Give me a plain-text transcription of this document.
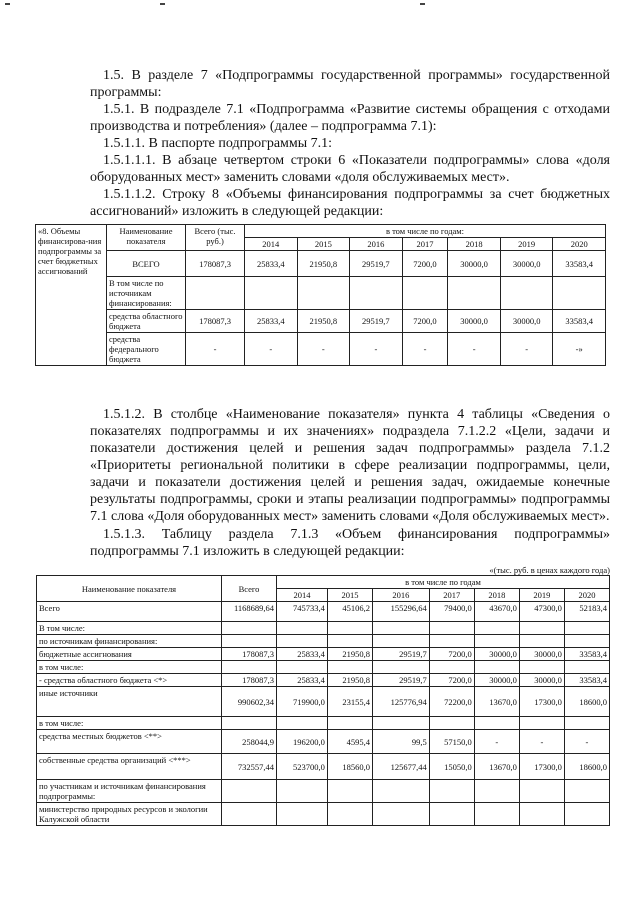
1.5. В разделе 7 «Подпрограммы государственной программы» государственной программы:

1.5.1. В подразделе 7.1 «Подпрограмма «Развитие системы обращения с отходами производства и потребления» (далее – подпрограмма 7.1):

1.5.1.1. В паспорте подпрограммы 7.1:

1.5.1.1.1. В абзаце четвертом строки 6 «Показатели подпрограммы» слова «доля оборудованных мест» заменить словами «доля обслуживаемых мест».

1.5.1.1.2. Строку 8 «Объемы финансирования подпрограммы за счет бюджетных ассигнований» изложить в следующей редакции:

«8. Объемы финансирова-ния подпрограммы за счет бюджетных ассигнований	Наименование показателя	Всего (тыс. руб.)	в том числе по годам:						
			2014	2015	2016	2017	2018	2019	2020
	ВСЕГО	178087,3	25833,4	21950,8	29519,7	7200,0	30000,0	30000,0	33583,4
	В том числе по источникам финансирования:								
	средства областного бюджета	178087,3	25833,4	21950,8	29519,7	7200,0	30000,0	30000,0	33583,4
	средства федерального бюджета	-	-	-	-	-	-	-	-»

1.5.1.2. В столбце «Наименование показателя» пункта 4 таблицы «Сведения о показателях подпрограммы и их значениях» подраздела 7.1.2.2 «Цели, задачи и показатели достижения целей и решения задач подпрограммы» раздела 7.1.2 «Приоритеты региональной политики в сфере реализации подпрограммы, цели, задачи и показатели достижения целей и решения задач, ожидаемые конечные результаты подпрограммы, сроки и этапы реализации подпрограммы» подпрограммы 7.1 слова «Доля оборудованных мест» заменить словами «Доля обслуживаемых мест».

1.5.1.3. Таблицу раздела 7.1.3 «Объем финансирования подпрограммы» подпрограммы 7.1 изложить в следующей редакции:

«(тыс. руб. в ценах каждого года)
Наименование показателя	Всего	в том числе по годам						
		2014	2015	2016	2017	2018	2019	2020
Всего	1168689,64	745733,4	45106,2	155296,64	79400,0	43670,0	47300,0	52183,4
В том числе:								
по источникам финансирования:								
бюджетные ассигнования	178087,3	25833,4	21950,8	29519,7	7200,0	30000,0	30000,0	33583,4
в том числе:								
- средства областного бюджета <*>	178087,3	25833,4	21950,8	29519,7	7200,0	30000,0	30000,0	33583,4
иные источники	990602,34	719900,0	23155,4	125776,94	72200,0	13670,0	17300,0	18600,0
в том числе:								
средства местных бюджетов <**>	258044,9	196200,0	4595,4	99,5	57150,0	-	-	-
собственные средства организаций <***>	732557,44	523700,0	18560,0	125677,44	15050,0	13670,0	17300,0	18600,0
по участникам и источникам финансирования подпрограммы:								
министерство природных ресурсов и экологии Калужской области								
